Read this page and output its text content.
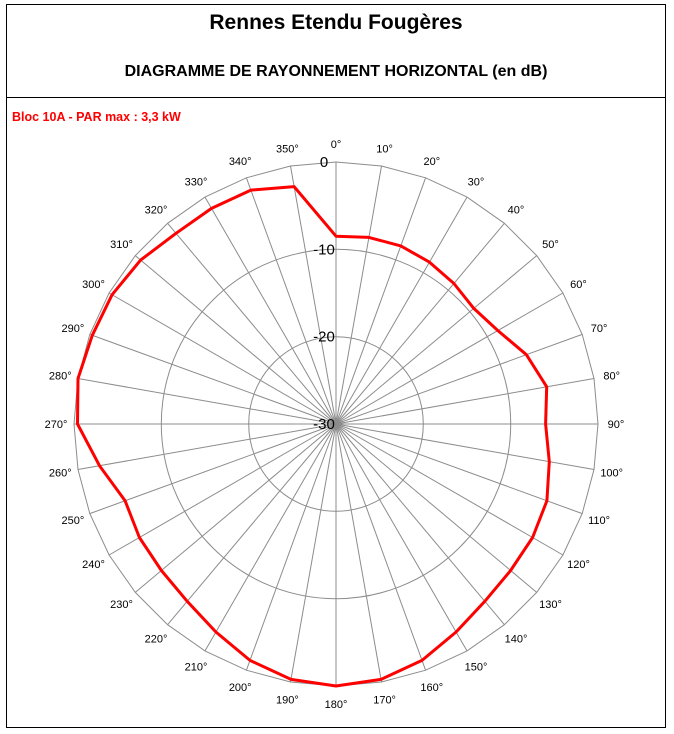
Rennes Etendu Fougères
DIAGRAMME DE RAYONNEMENT HORIZONTAL (en dB)
Bloc 10A - PAR max : 3,3 kW
0°	10°
20°
30°
40°
50°
60°
70°
80°
90°
100°
110°
120°
130°
140°
150°
160°
170°
180°
190°
200°
210°
220°
230°
240°
250°
260°
270°
280°
290°
300°
310°
320°
330°
340°
350°
0
-10
-20
-30
